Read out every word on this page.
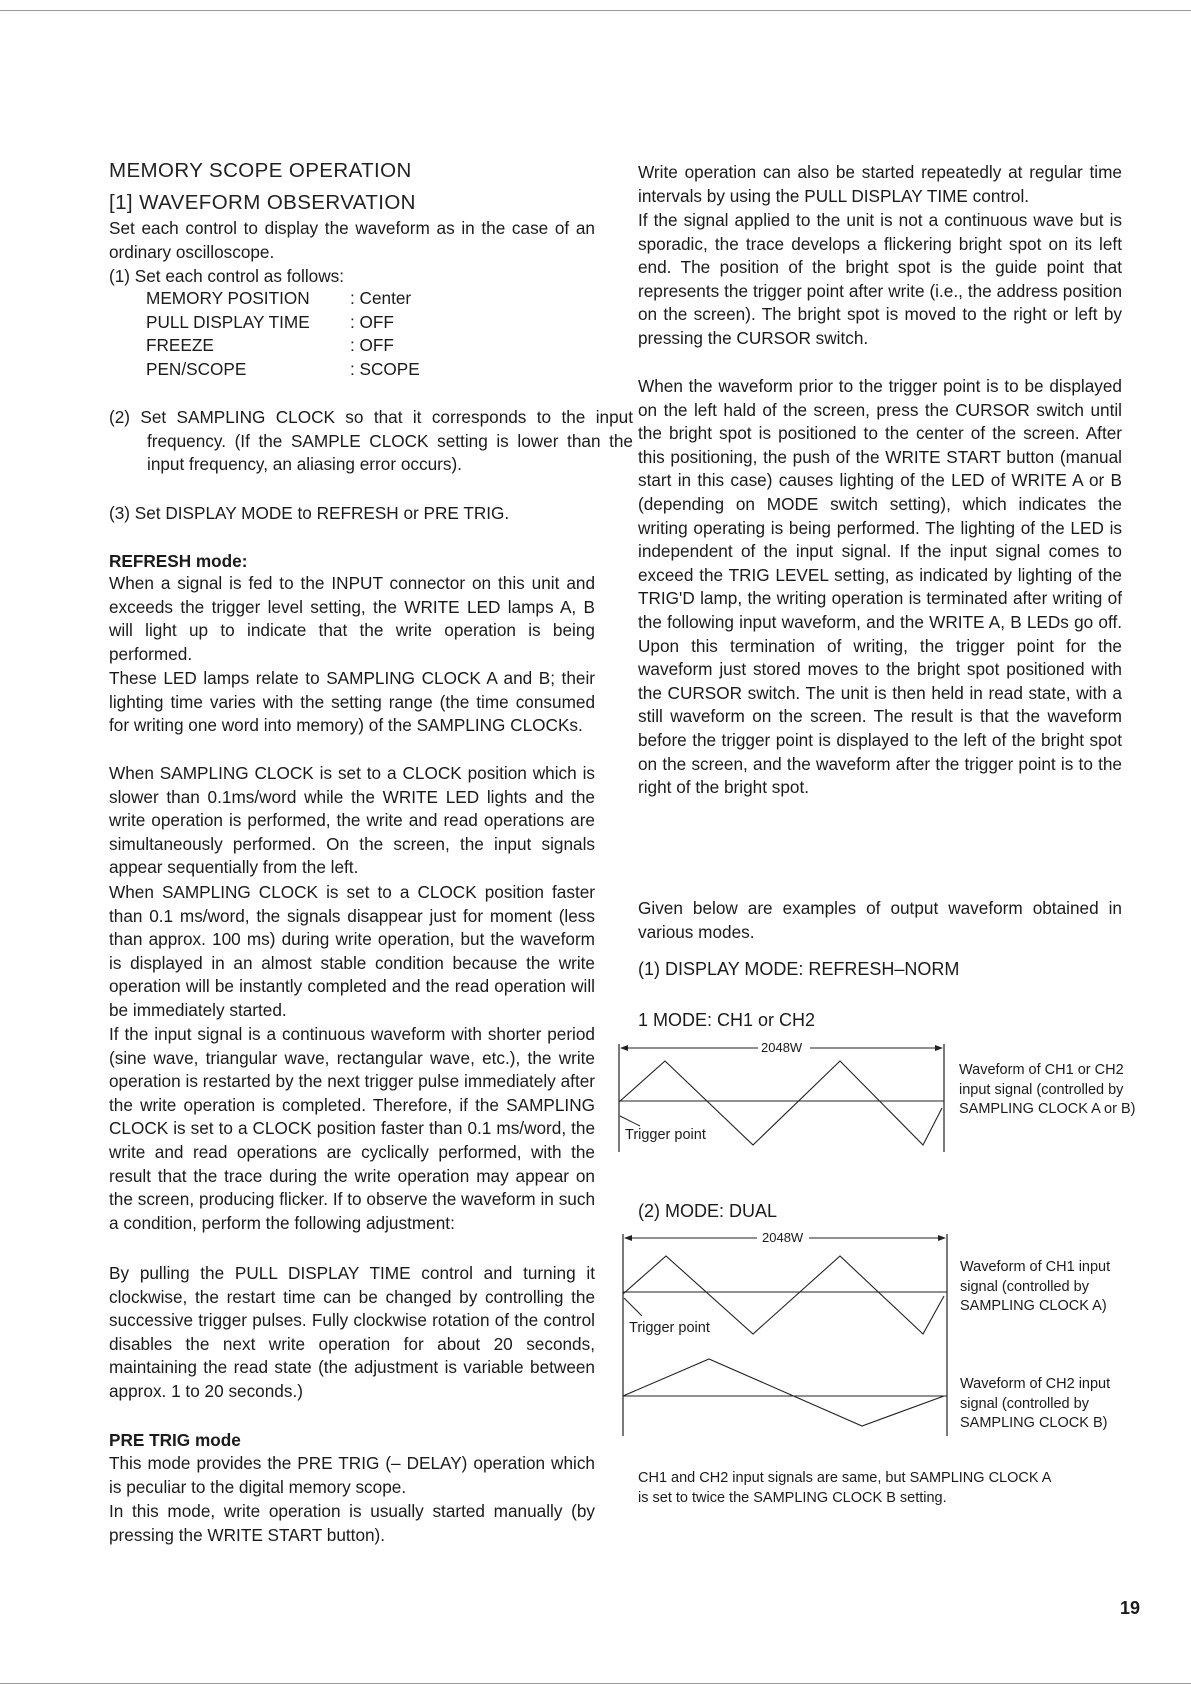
MEMORY SCOPE OPERATION
[1] WAVEFORM OBSERVATION
Set each control to display the waveform as in the case of an ordinary oscilloscope.
(1) Set each control as follows:
MEMORY POSITION	: Center
PULL DISPLAY TIME	: OFF
FREEZE	: OFF
PEN/SCOPE	: SCOPE
(2) Set SAMPLING CLOCK so that it corresponds to the input frequency. (If the SAMPLE CLOCK setting is lower than the input frequency, an aliasing error occurs).
(3) Set DISPLAY MODE to REFRESH or PRE TRIG.
REFRESH mode:
When a signal is fed to the INPUT connector on this unit and exceeds the trigger level setting, the WRITE LED lamps A, B will light up to indicate that the write operation is being performed.
These LED lamps relate to SAMPLING CLOCK A and B; their lighting time varies with the setting range (the time consumed for writing one word into memory) of the SAMPLING CLOCKs.
When SAMPLING CLOCK is set to a CLOCK position which is slower than 0.1ms/word while the WRITE LED lights and the write operation is performed, the write and read operations are simultaneously performed. On the screen, the input signals appear sequentially from the left.
When SAMPLING CLOCK is set to a CLOCK position faster than 0.1 ms/word, the signals disappear just for moment (less than approx. 100 ms) during write operation, but the waveform is displayed in an almost stable condition because the write operation will be instantly completed and the read operation will be immediately started.
If the input signal is a continuous waveform with shorter period (sine wave, triangular wave, rectangular wave, etc.), the write operation is restarted by the next trigger pulse immediately after the write operation is completed. Therefore, if the SAMPLING CLOCK is set to a CLOCK position faster than 0.1 ms/word, the write and read operations are cyclically performed, with the result that the trace during the write operation may appear on the screen, producing flicker. If to observe the waveform in such a condition, perform the following adjustment:
By pulling the PULL DISPLAY TIME control and turning it clockwise, the restart time can be changed by controlling the successive trigger pulses. Fully clockwise rotation of the control disables the next write operation for about 20 seconds, maintaining the read state (the adjustment is variable between approx. 1 to 20 seconds.)
PRE TRIG mode
This mode provides the PRE TRIG (– DELAY) operation which is peculiar to the digital memory scope.
In this mode, write operation is usually started manually (by pressing the WRITE START button).
Write operation can also be started repeatedly at regular time intervals by using the PULL DISPLAY TIME control.
If the signal applied to the unit is not a continuous wave but is sporadic, the trace develops a flickering bright spot on its left end. The position of the bright spot is the guide point that represents the trigger point after write (i.e., the address position on the screen). The bright spot is moved to the right or left by pressing the CURSOR switch.
When the waveform prior to the trigger point is to be displayed on the left hald of the screen, press the CURSOR switch until the bright spot is positioned to the center of the screen. After this positioning, the push of the WRITE START button (manual start in this case) causes lighting of the LED of WRITE A or B (depending on MODE switch setting), which indicates the writing operating is being performed. The lighting of the LED is independent of the input signal. If the input signal comes to exceed the TRIG LEVEL setting, as indicated by lighting of the TRIG'D lamp, the writing operation is terminated after writing of the following input waveform, and the WRITE A, B LEDs go off. Upon this termination of writing, the trigger point for the waveform just stored moves to the bright spot positioned with the CURSOR switch. The unit is then held in read state, with a still waveform on the screen. The result is that the waveform before the trigger point is displayed to the left of the bright spot on the screen, and the waveform after the trigger point is to the right of the bright spot.
Given below are examples of output waveform obtained in various modes.
(1) DISPLAY MODE: REFRESH–NORM
1 MODE: CH1 or CH2
2048W
Trigger point
Waveform of CH1 or CH2 input signal (controlled by SAMPLING CLOCK A or B)
(2) MODE: DUAL
2048W
Trigger point
Waveform of CH1 input signal (controlled by SAMPLING CLOCK A)
Waveform of CH2 input signal (controlled by SAMPLING CLOCK B)
CH1 and CH2 input signals are same, but SAMPLING CLOCK A
is set to twice the SAMPLING CLOCK B setting.
19
